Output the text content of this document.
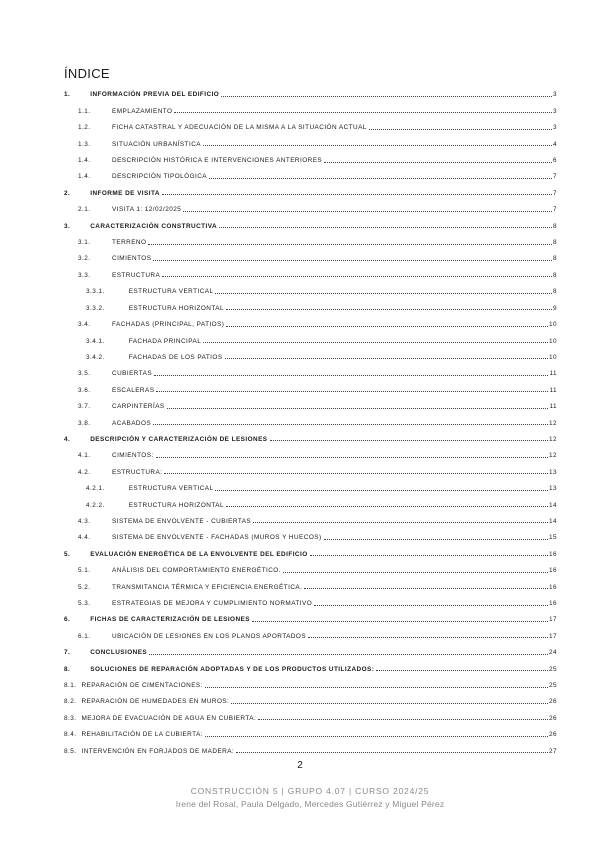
ÍNDICE
1.	INFORMACIÓN PREVIA DEL EDIFICIO	3
1.1.	EMPLAZAMIENTO	3
1.2.	FICHA CATASTRAL Y ADECUACIÓN DE LA MISMA A LA SITUACIÓN ACTUAL	3
1.3.	SITUACIÓN URBANÍSTICA	4
1.4.	DESCRIPCIÓN HISTÓRICA E INTERVENCIONES ANTERIORES	6
1.4.	DESCRIPCIÓN TIPOLÓGICA	7
2.	INFORME DE VISITA	7
2.1.	VISITA 1: 12/02/2025	7
3.	CARACTERIZACIÓN CONSTRUCTIVA	8
3.1.	TERRENO	8
3.2.	CIMIENTOS	8
3.3.	ESTRUCTURA	8
3.3.1.	ESTRUCTURA VERTICAL	8
3.3.2.	ESTRUCTURA HORIZONTAL	9
3.4.	FACHADAS (PRINCIPAL, PATIOS)	10
3.4.1.	FACHADA PRINCIPAL	10
3.4.2.	FACHADAS DE LOS PATIOS	10
3.5.	CUBIERTAS	11
3.6.	ESCALERAS	11
3.7.	CARPINTERÍAS	11
3.8.	ACABADOS	12
4.	DESCRIPCIÓN Y CARACTERIZACIÓN DE LESIONES	12
4.1.	CIMIENTOS:	12
4.2.	ESTRUCTURA:	13
4.2.1.	ESTRUCTURA VERTICAL	13
4.2.2.	ESTRUCTURA HORIZONTAL	14
4.3.	SISTEMA DE ENVOLVENTE - CUBIERTAS	14
4.4.	SISTEMA DE ENVOLVENTE - FACHADAS (MUROS Y HUECOS)	15
5.	EVALUACIÓN ENERGÉTICA DE LA ENVOLVENTE DEL EDIFICIO	16
5.1.	ANÁLISIS DEL COMPORTAMIENTO ENERGÉTICO.	16
5.2.	TRANSMITANCIA TÉRMICA Y EFICIENCIA ENERGÉTICA.	16
5.3.	ESTRATEGIAS DE MEJORA Y CUMPLIMIENTO NORMATIVO	16
6.	FICHAS DE CARACTERIZACIÓN DE LESIONES	17
6.1.	UBICACIÓN DE LESIONES EN LOS PLANOS APORTADOS	17
7.	CONCLUSIONES	24
8.	SOLUCIONES DE REPARACIÓN ADOPTADAS Y DE LOS PRODUCTOS UTILIZADOS:	25
8.1. REPARACIÓN DE CIMENTACIONES:	25
8.2. REPARACIÓN DE HUMEDADES EN MUROS:	26
8.3. MEJORA DE EVACUACIÓN DE AGUA EN CUBIERTA:	26
8.4. REHABILITACIÓN DE LA CUBIERTA:	26
8.5. INTERVENCIÓN EN FORJADOS DE MADERA:	27
2
CONSTRUCCIÓN 5 | GRUPO 4.07 | CURSO 2024/25
Irene del Rosal, Paula Delgado, Mercedes Gutiérrez y Miguel Pérez
